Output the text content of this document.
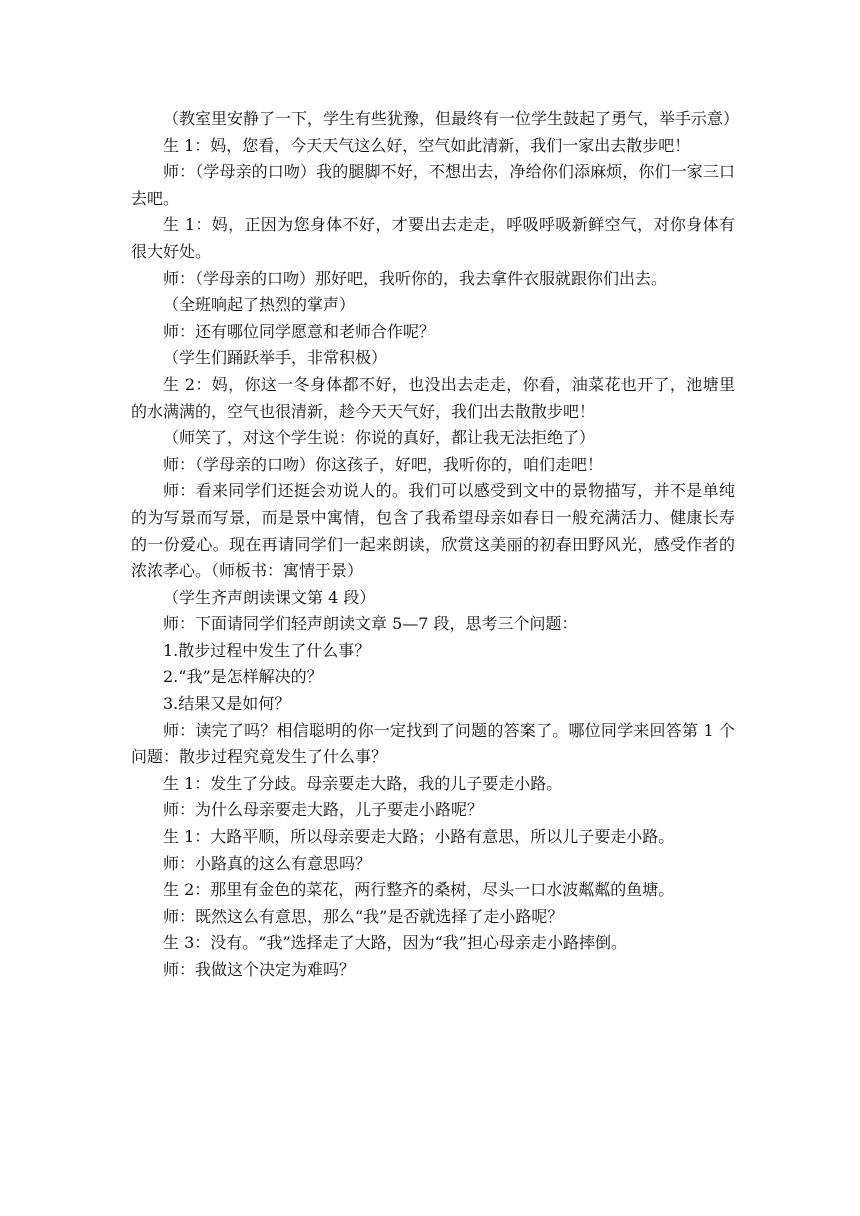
（教室里安静了一下，学生有些犹豫，但最终有一位学生鼓起了勇气，举手示意）

生 1：妈，您看，今天天气这么好，空气如此清新，我们一家出去散步吧！

师：（学母亲的口吻）我的腿脚不好，不想出去，净给你们添麻烦，你们一家三口去吧。

生 1：妈，正因为您身体不好，才要出去走走，呼吸呼吸新鲜空气，对你身体有很大好处。

师：（学母亲的口吻）那好吧，我听你的，我去拿件衣服就跟你们出去。

（全班响起了热烈的掌声）

师：还有哪位同学愿意和老师合作呢？

（学生们踊跃举手，非常积极）

生 2：妈，你这一冬身体都不好，也没出去走走，你看，油菜花也开了，池塘里的水满满的，空气也很清新，趁今天天气好，我们出去散散步吧！

（师笑了，对这个学生说：你说的真好，都让我无法拒绝了）

师：（学母亲的口吻）你这孩子，好吧，我听你的，咱们走吧！

师：看来同学们还挺会劝说人的。我们可以感受到文中的景物描写，并不是单纯的为写景而写景，而是景中寓情，包含了我希望母亲如春日一般充满活力、健康长寿的一份爱心。现在再请同学们一起来朗读，欣赏这美丽的初春田野风光，感受作者的浓浓孝心。（师板书：寓情于景）

（学生齐声朗读课文第 4 段）

师：下面请同学们轻声朗读文章 5—7 段，思考三个问题：

1.散步过程中发生了什么事？

2.“我”是怎样解决的？

3.结果又是如何？

师：读完了吗？相信聪明的你一定找到了问题的答案了。哪位同学来回答第 1 个问题：散步过程究竟发生了什么事？

生 1：发生了分歧。母亲要走大路，我的儿子要走小路。

师：为什么母亲要走大路，儿子要走小路呢？

生 1：大路平顺，所以母亲要走大路；小路有意思，所以儿子要走小路。

师：小路真的这么有意思吗？

生 2：那里有金色的菜花，两行整齐的桑树，尽头一口水波粼粼的鱼塘。

师：既然这么有意思，那么“我”是否就选择了走小路呢？

生 3：没有。“我”选择走了大路，因为“我”担心母亲走小路摔倒。

师：我做这个决定为难吗？
